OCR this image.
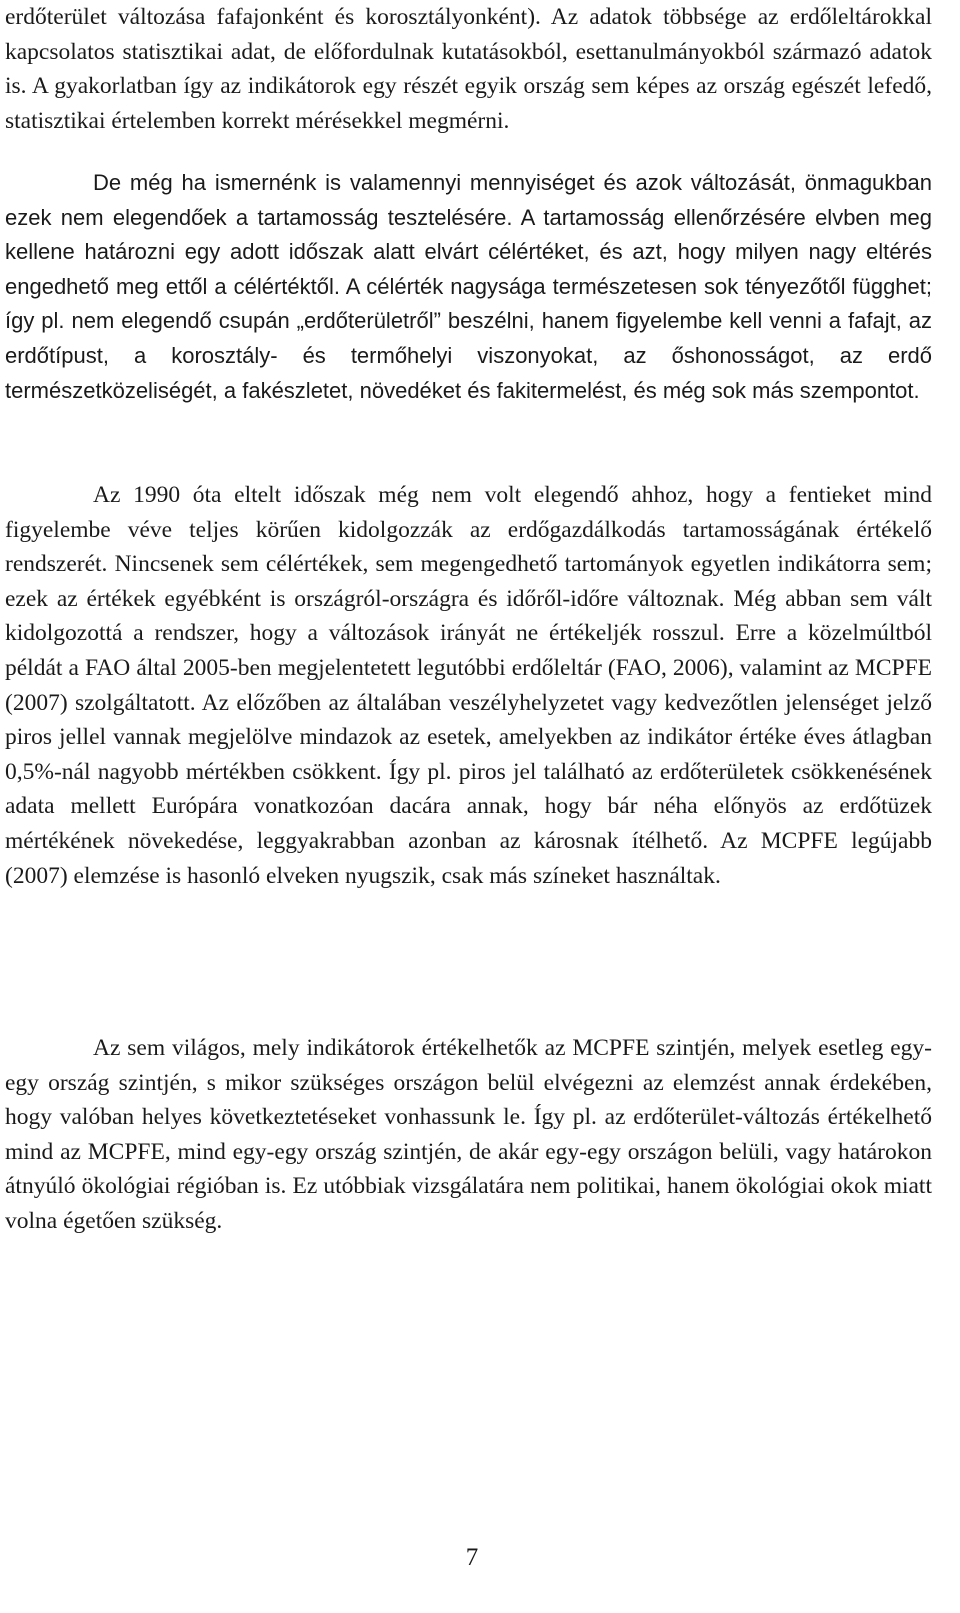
erdőterület változása fafajonként és korosztályonként). Az adatok többsége az erdőleltárokkal kapcsolatos statisztikai adat, de előfordulnak kutatásokból, esettanulmányokból származó adatok is. A gyakorlatban így az indikátorok egy részét egyik ország sem képes az ország egészét lefedő, statisztikai értelemben korrekt mérésekkel megmérni.

De még ha ismernénk is valamennyi mennyiséget és azok változását, önmagukban ezek nem elegendőek a tartamosság tesztelésére. A tartamosság ellenőrzésére elvben meg kellene határozni egy adott időszak alatt elvárt célértéket, és azt, hogy milyen nagy eltérés engedhető meg ettől a célértéktől. A célérték nagysága természetesen sok tényezőtől függhet; így pl. nem elegendő csupán „erdőterületről” beszélni, hanem figyelembe kell venni a fafajt, az erdőtípust, a korosztály- és termőhelyi viszonyokat, az őshonosságot, az erdő természetközeliségét, a fakészletet, növedéket és fakitermelést, és még sok más szempontot.

Az 1990 óta eltelt időszak még nem volt elegendő ahhoz, hogy a fentieket mind figyelembe véve teljes körűen kidolgozzák az erdőgazdálkodás tartamosságának értékelő rendszerét. Nincsenek sem célértékek, sem megengedhető tartományok egyetlen indikátorra sem; ezek az értékek egyébként is országról-országra és időről-időre változnak. Még abban sem vált kidolgozottá a rendszer, hogy a változások irányát ne értékeljék rosszul. Erre a közelmúltból példát a FAO által 2005-ben megjelentetett legutóbbi erdőleltár (FAO, 2006), valamint az MCPFE (2007) szolgáltatott. Az előzőben az általában veszélyhelyzetet vagy kedvezőtlen jelenséget jelző piros jellel vannak megjelölve mindazok az esetek, amelyekben az indikátor értéke éves átlagban 0,5%-nál nagyobb mértékben csökkent. Így pl. piros jel található az erdőterületek csökkenésének adata mellett Európára vonatkozóan dacára annak, hogy bár néha előnyös az erdőtüzek mértékének növekedése, leggyakrabban azonban az károsnak ítélhető. Az MCPFE legújabb (2007) elemzése is hasonló elveken nyugszik, csak más színeket használtak.

Az sem világos, mely indikátorok értékelhetők az MCPFE szintjén, melyek esetleg egy-egy ország szintjén, s mikor szükséges országon belül elvégezni az elemzést annak érdekében, hogy valóban helyes következtetéseket vonhassunk le. Így pl. az erdőterület-változás értékelhető mind az MCPFE, mind egy-egy ország szintjén, de akár egy-egy országon belüli, vagy határokon átnyúló ökológiai régióban is. Ez utóbbiak vizsgálatára nem politikai, hanem ökológiai okok miatt volna égetően szükség.

7
